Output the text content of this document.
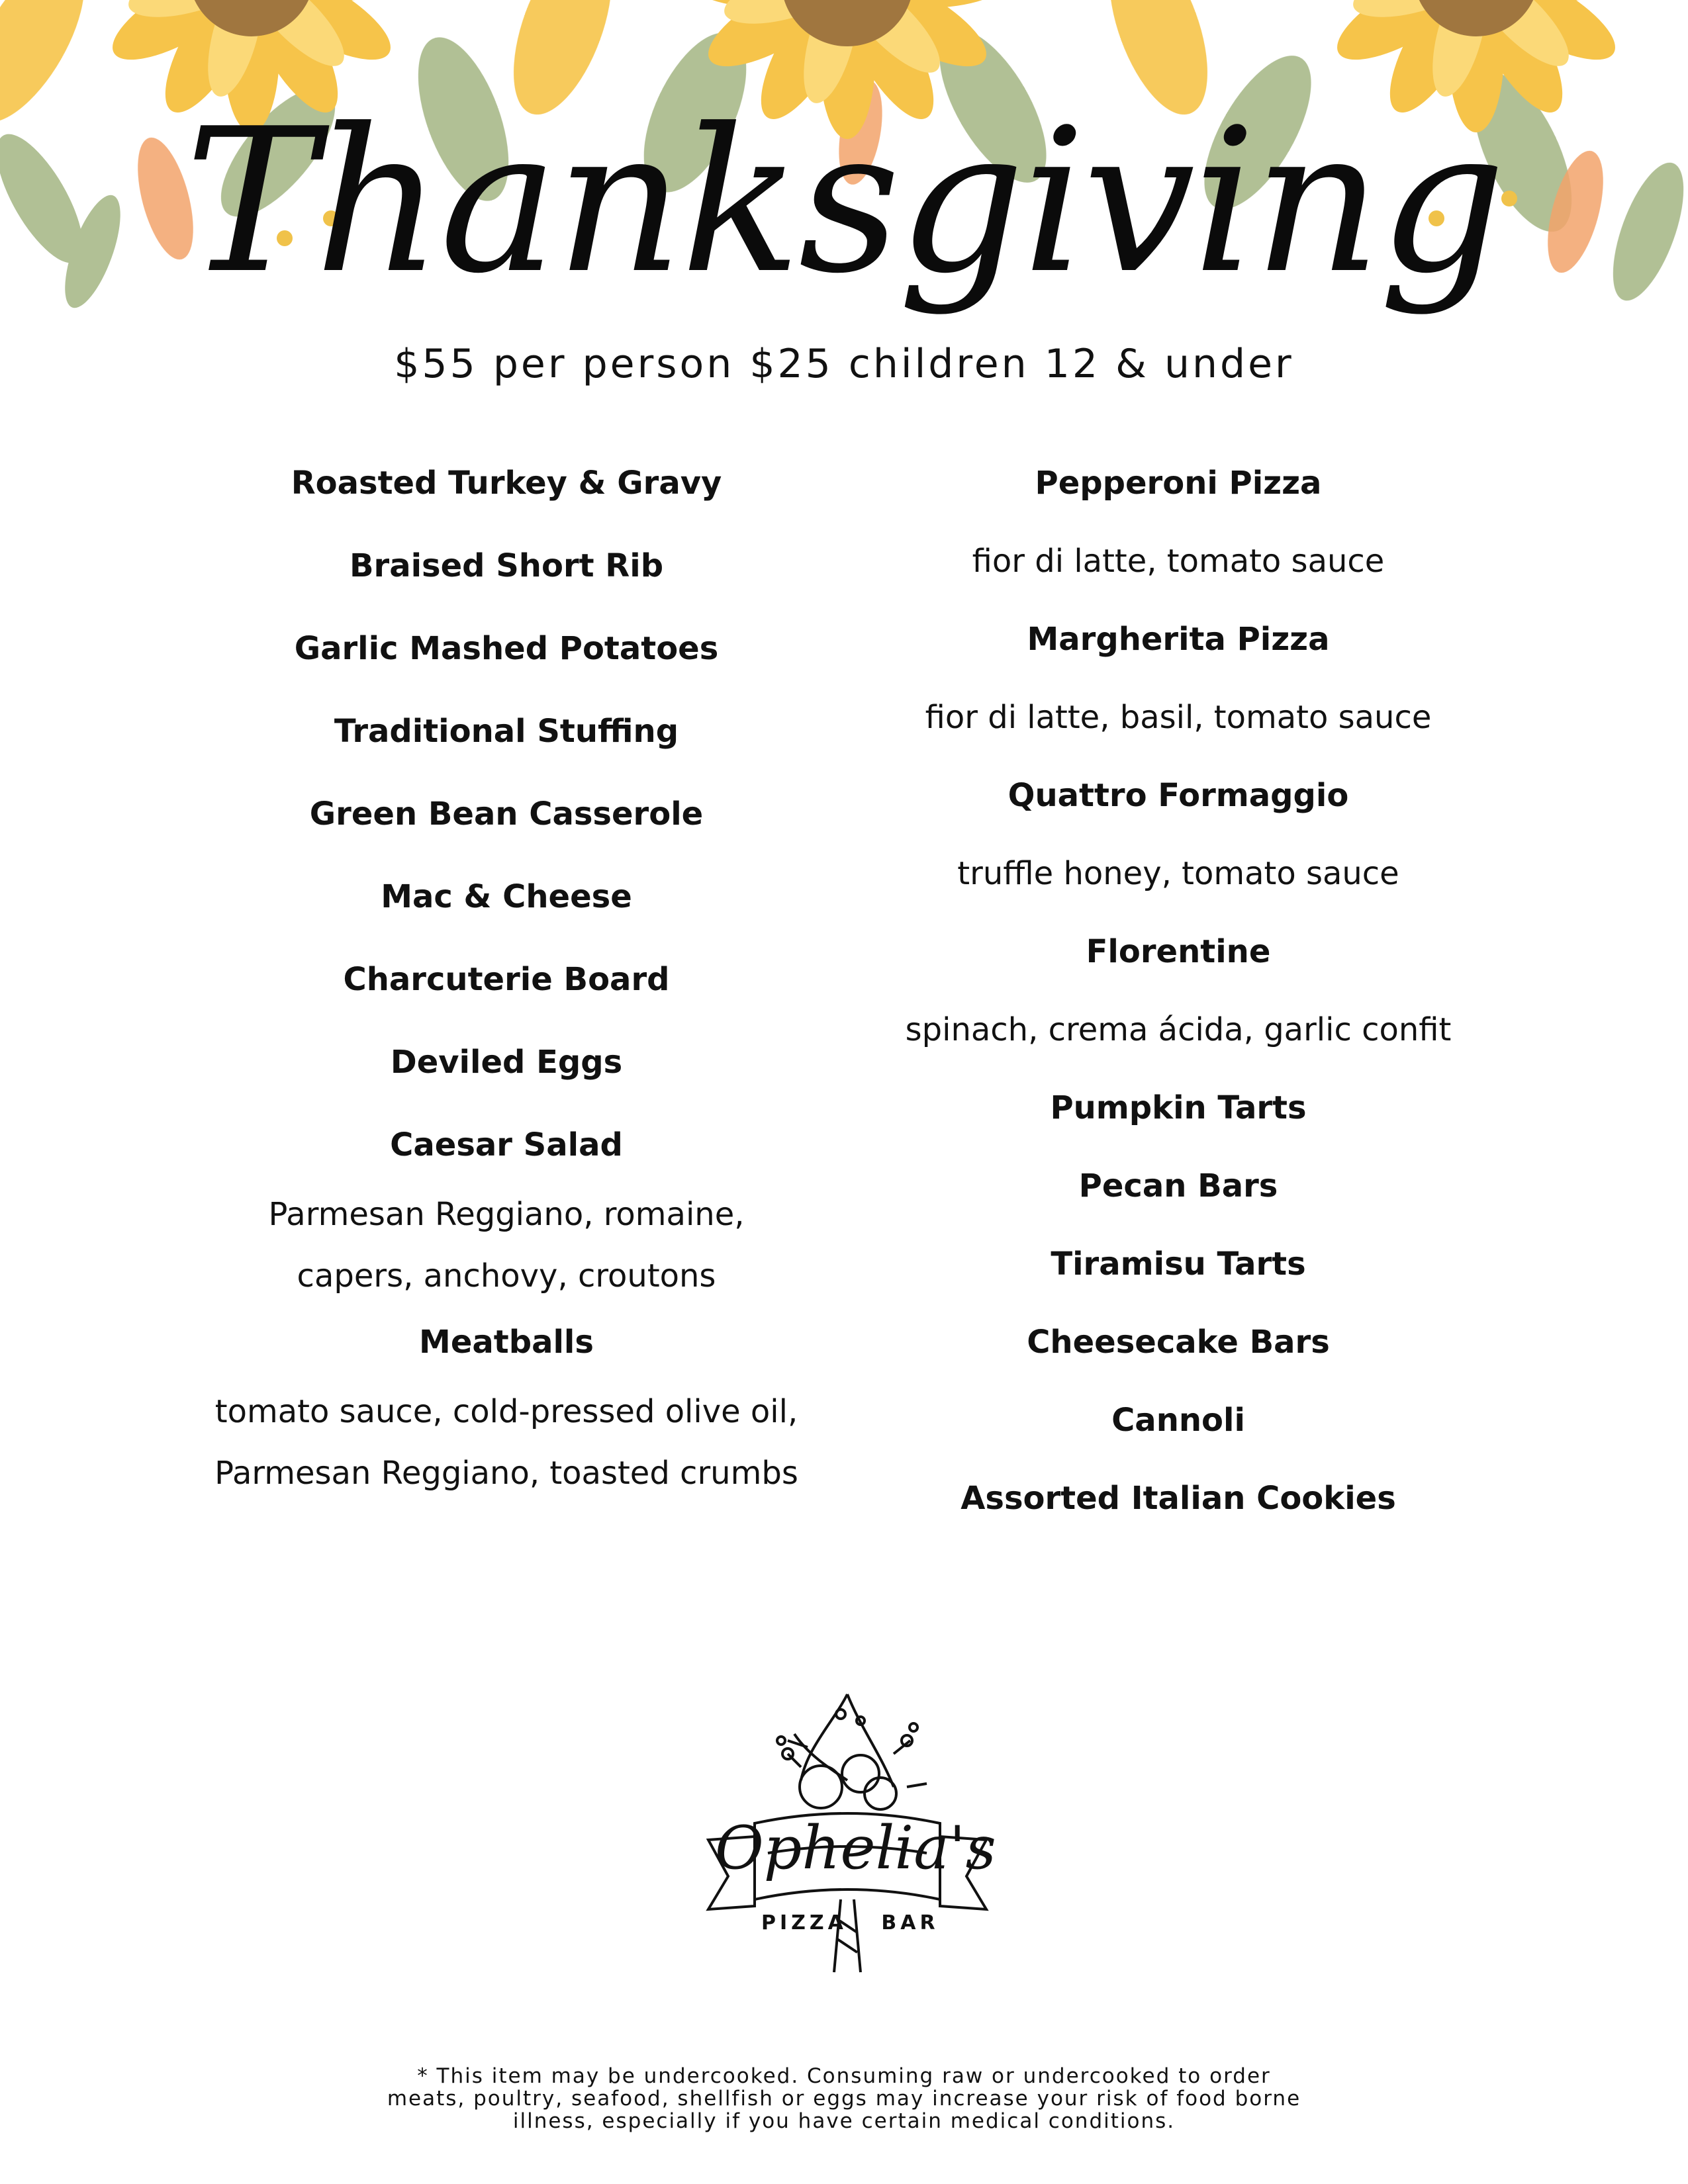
Thanksgiving
$55 per person $25 children 12 & under
Roasted Turkey & Gravy
Braised Short Rib
Garlic Mashed Potatoes
Traditional Stuffing
Green Bean Casserole
Mac & Cheese
Charcuterie Board
Deviled Eggs
Caesar Salad
Parmesan Reggiano, romaine,
capers, anchovy, croutons
Meatballs
tomato sauce, cold-pressed olive oil,
Parmesan Reggiano, toasted crumbs
Pepperoni Pizza
fior di latte, tomato sauce
Margherita Pizza
fior di latte, basil, tomato sauce
Quattro Formaggio
truffle honey, tomato sauce
Florentine
spinach, crema ácida, garlic confit
Pumpkin Tarts
Pecan Bars
Tiramisu Tarts
Cheesecake Bars
Cannoli
Assorted Italian Cookies
Ophelia's
PIZZA BAR
* This item may be undercooked. Consuming raw or undercooked to order
meats, poultry, seafood, shellfish or eggs may increase your risk of food borne
illness, especially if you have certain medical conditions.
